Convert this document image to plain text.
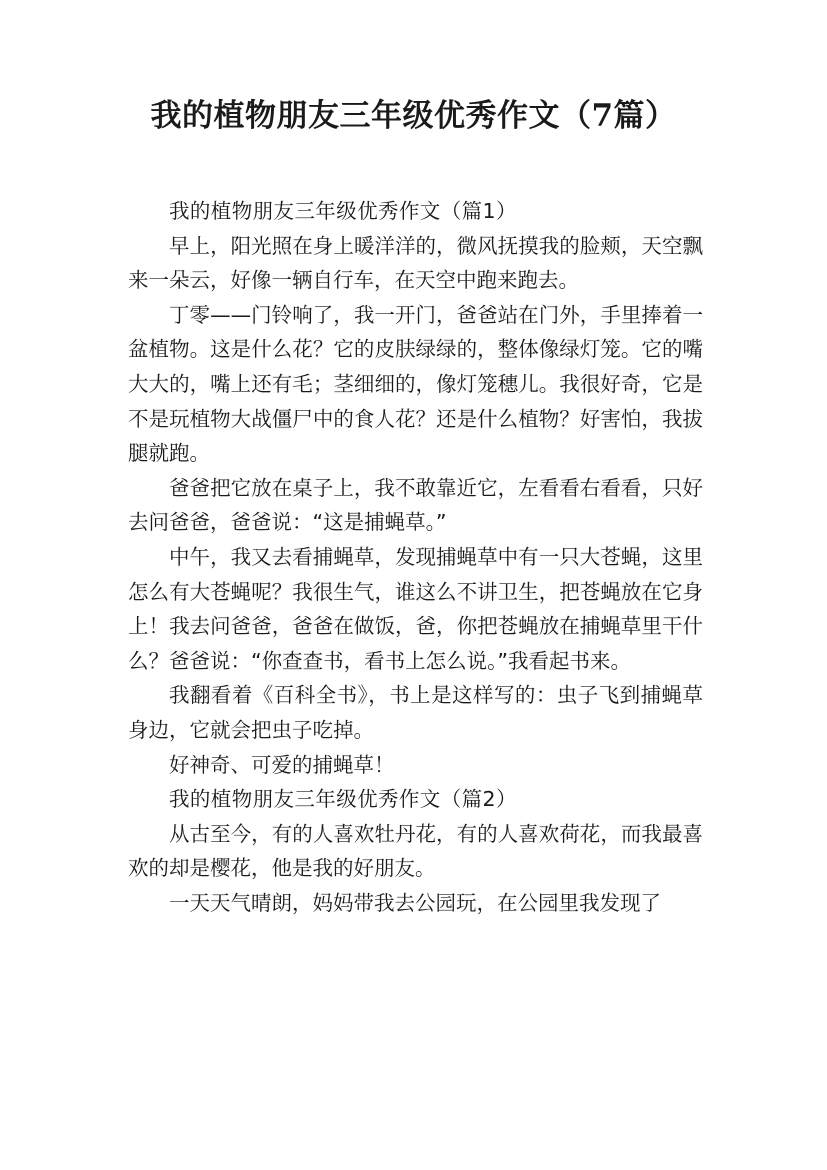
我的植物朋友三年级优秀作文（7篇）

我的植物朋友三年级优秀作文（篇1）

早上，阳光照在身上暖洋洋的，微风抚摸我的脸颊，天空飘来一朵云，好像一辆自行车，在天空中跑来跑去。

丁零——门铃响了，我一开门，爸爸站在门外，手里捧着一盆植物。这是什么花？它的皮肤绿绿的，整体像绿灯笼。它的嘴大大的，嘴上还有毛；茎细细的，像灯笼穗儿。我很好奇，它是不是玩植物大战僵尸中的食人花？还是什么植物？好害怕，我拔腿就跑。

爸爸把它放在桌子上，我不敢靠近它，左看看右看看，只好去问爸爸，爸爸说：“这是捕蝇草。”

中午，我又去看捕蝇草，发现捕蝇草中有一只大苍蝇，这里怎么有大苍蝇呢？我很生气，谁这么不讲卫生，把苍蝇放在它身上！我去问爸爸，爸爸在做饭，爸，你把苍蝇放在捕蝇草里干什么？爸爸说：“你查查书，看书上怎么说。”我看起书来。

我翻看着《百科全书》，书上是这样写的：虫子飞到捕蝇草身边，它就会把虫子吃掉。

好神奇、可爱的捕蝇草！

我的植物朋友三年级优秀作文（篇2）

从古至今，有的人喜欢牡丹花，有的人喜欢荷花，而我最喜欢的却是樱花，他是我的好朋友。

一天天气晴朗，妈妈带我去公园玩，在公园里我发现了
